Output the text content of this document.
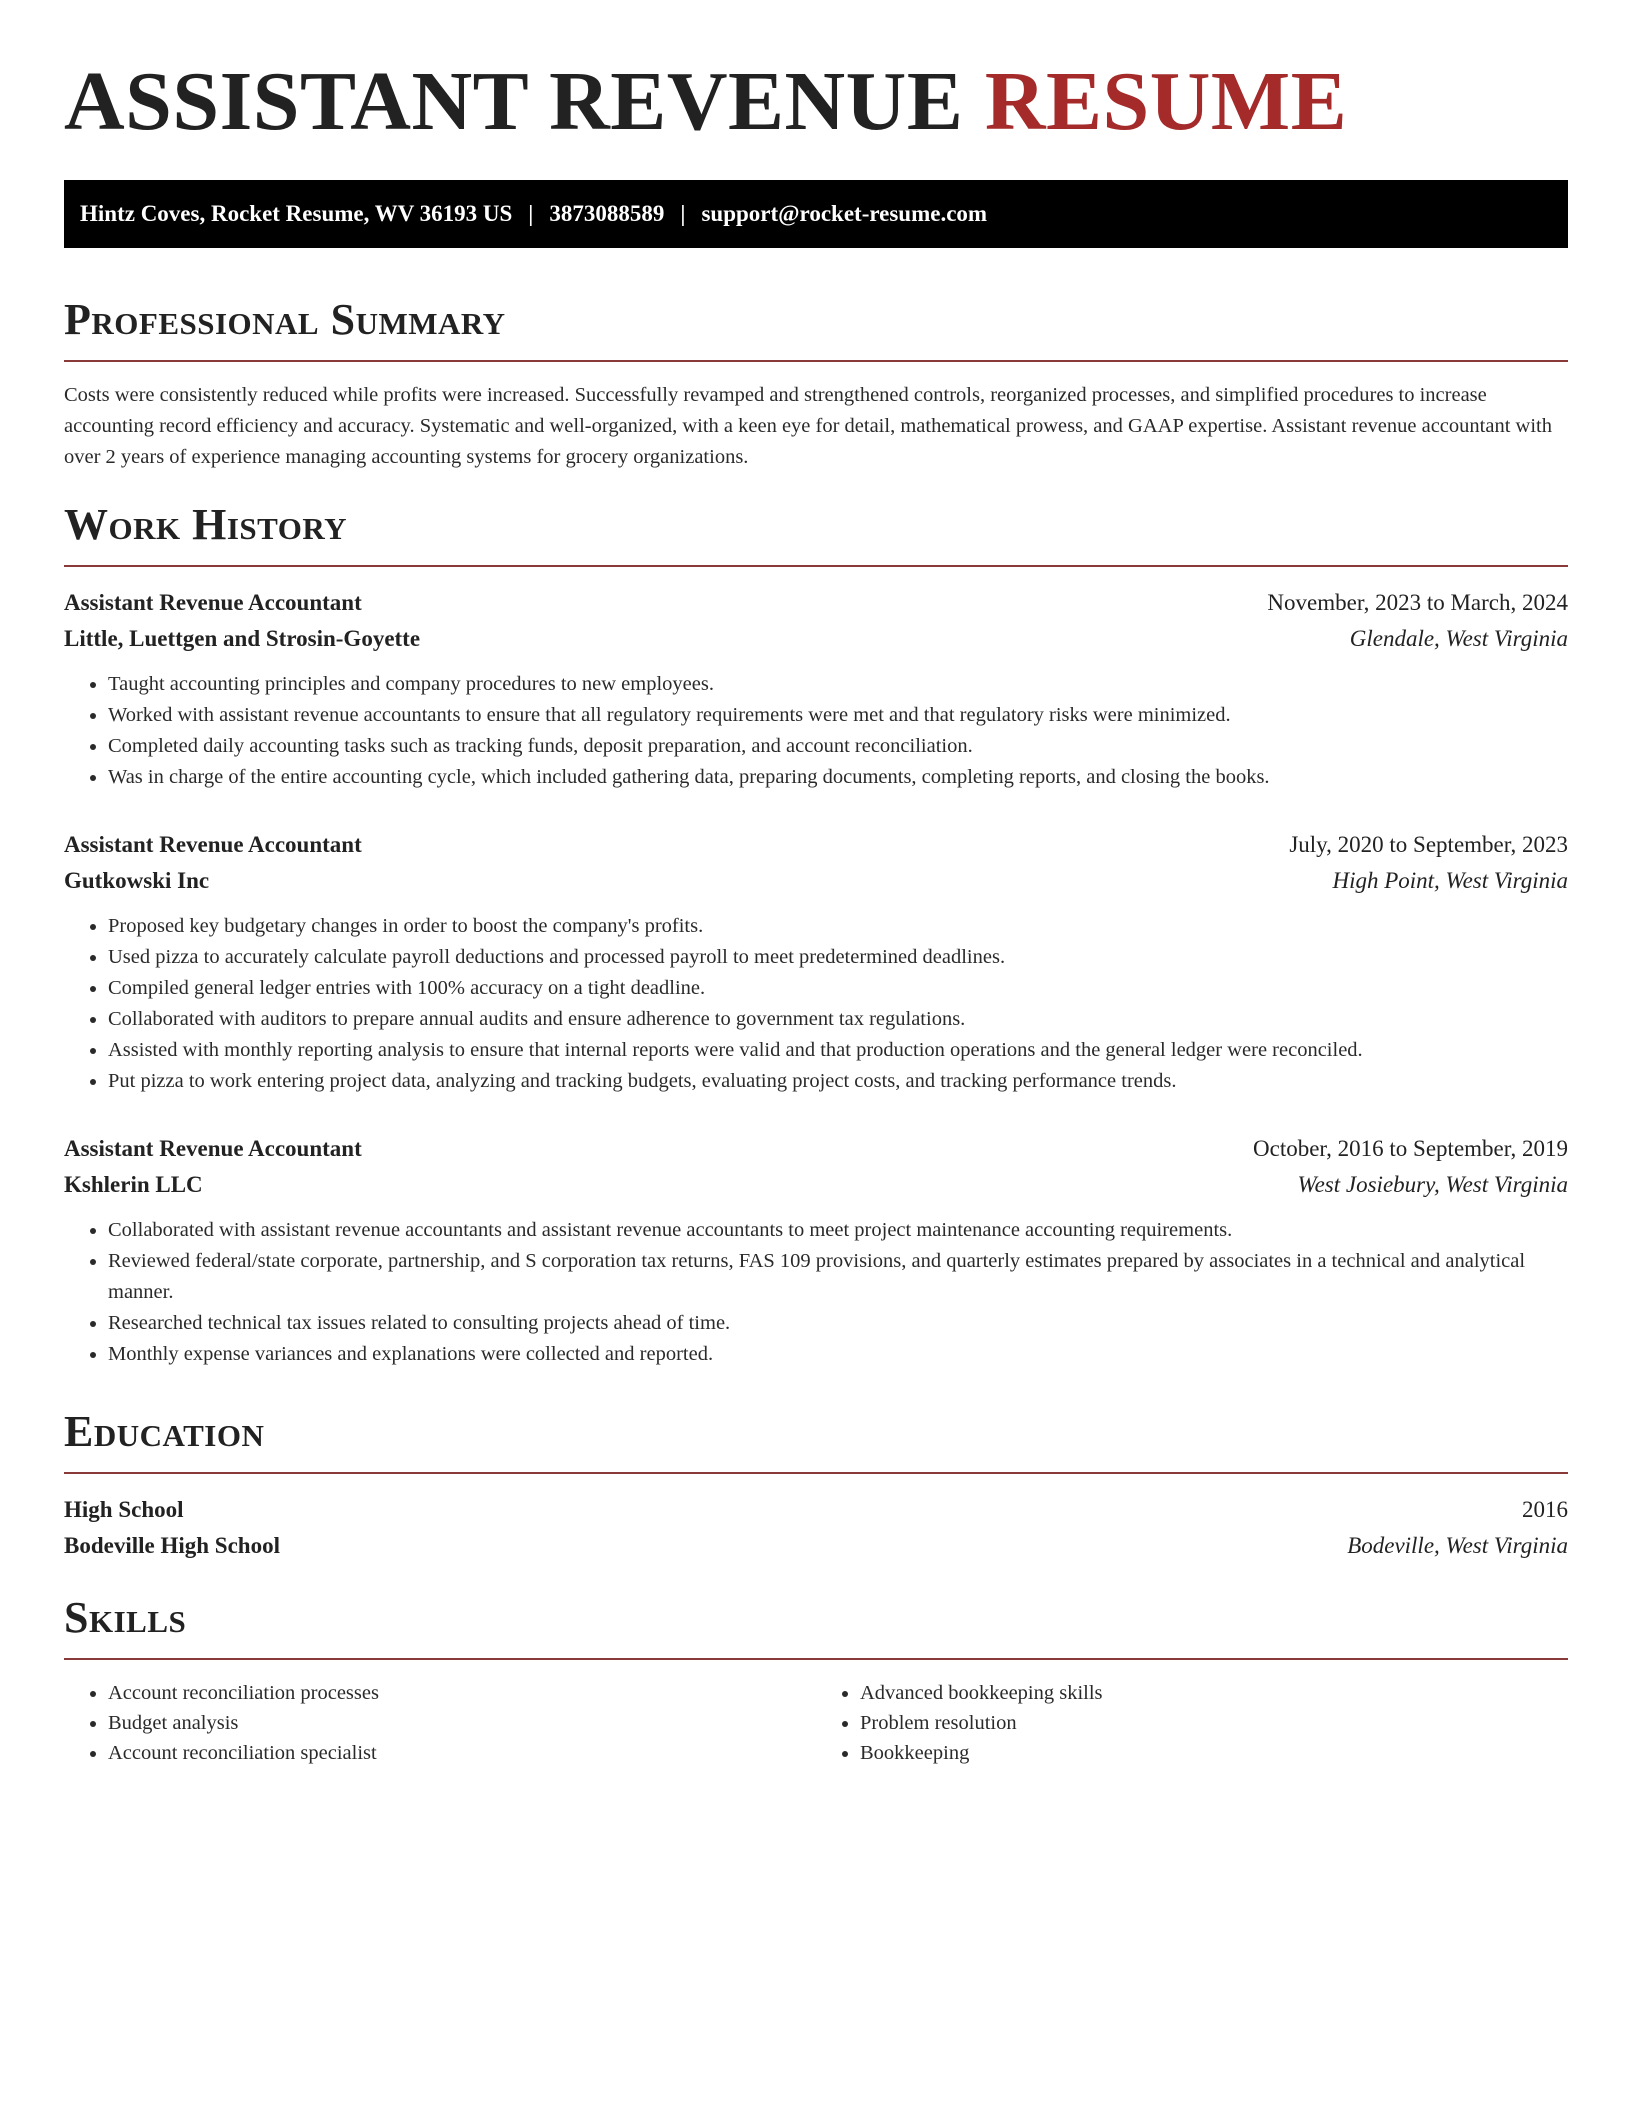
ASSISTANT REVENUE RESUME
Hintz Coves, Rocket Resume, WV 36193 US | 3873088589 | support@rocket-resume.com
Professional Summary

Costs were consistently reduced while profits were increased. Successfully revamped and strengthened controls, reorganized processes, and simplified procedures to increase accounting record efficiency and accuracy. Systematic and well-organized, with a keen eye for detail, mathematical prowess, and GAAP expertise. Assistant revenue accountant with over 2 years of experience managing accounting systems for grocery organizations.

Work History
Assistant Revenue Accountant	November, 2023 to March, 2024
Little, Luettgen and Strosin-Goyette	Glendale, West Virginia
• Taught accounting principles and company procedures to new employees.
• Worked with assistant revenue accountants to ensure that all regulatory requirements were met and that regulatory risks were minimized.
• Completed daily accounting tasks such as tracking funds, deposit preparation, and account reconciliation.
• Was in charge of the entire accounting cycle, which included gathering data, preparing documents, completing reports, and closing the books.
Assistant Revenue Accountant	July, 2020 to September, 2023
Gutkowski Inc	High Point, West Virginia
• Proposed key budgetary changes in order to boost the company's profits.
• Used pizza to accurately calculate payroll deductions and processed payroll to meet predetermined deadlines.
• Compiled general ledger entries with 100% accuracy on a tight deadline.
• Collaborated with auditors to prepare annual audits and ensure adherence to government tax regulations.
• Assisted with monthly reporting analysis to ensure that internal reports were valid and that production operations and the general ledger were reconciled.
• Put pizza to work entering project data, analyzing and tracking budgets, evaluating project costs, and tracking performance trends.
Assistant Revenue Accountant	October, 2016 to September, 2019
Kshlerin LLC	West Josiebury, West Virginia
• Collaborated with assistant revenue accountants and assistant revenue accountants to meet project maintenance accounting requirements.
• Reviewed federal/state corporate, partnership, and S corporation tax returns, FAS 109 provisions, and quarterly estimates prepared by associates in a technical and analytical manner.
• Researched technical tax issues related to consulting projects ahead of time.
• Monthly expense variances and explanations were collected and reported.
Education
High School	2016
Bodeville High School	Bodeville, West Virginia
Skills
• Account reconciliation processes
• Budget analysis
• Account reconciliation specialist
• Advanced bookkeeping skills
• Problem resolution
• Bookkeeping
